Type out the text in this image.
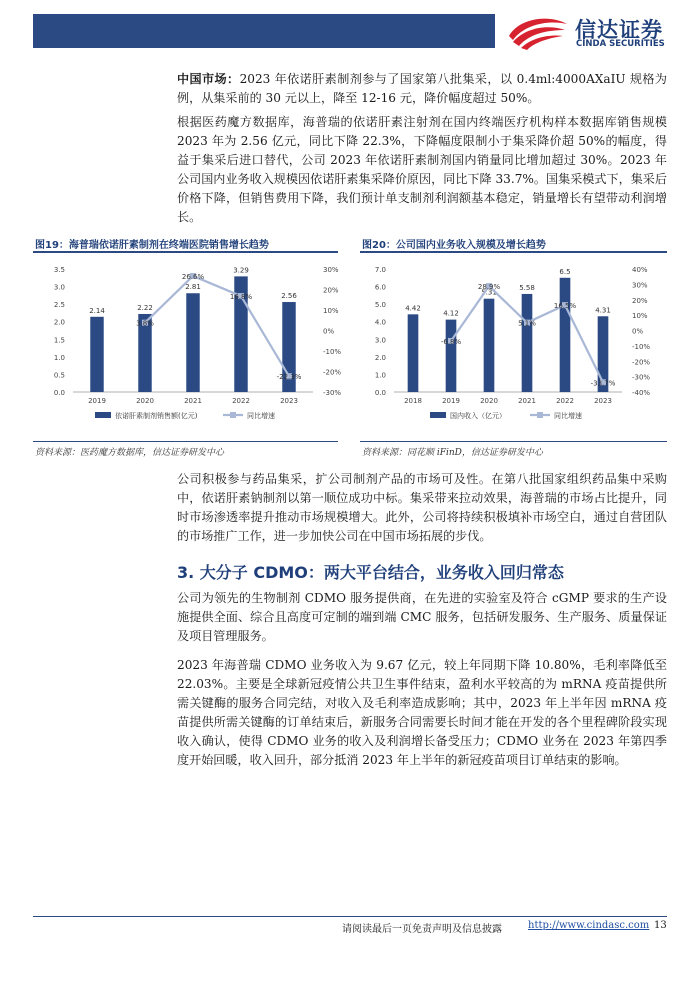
信达证券
CINDA SECURITIES

中国市场：2023 年依诺肝素制剂参与了国家第八批集采，以 0.4ml:4000AXaIU 规格为例，从集采前的 30 元以上，降至 12-16 元，降价幅度超过 50%。

根据医药魔方数据库，海普瑞的依诺肝素注射剂在国内终端医疗机构样本数据库销售规模 2023 年为 2.56 亿元，同比下降 22.3%，下降幅度限制小于集采降价超 50%的幅度，得益于集采后进口替代，公司 2023 年依诺肝素制剂国内销量同比增加超过 30%。2023 年公司国内业务收入规模因依诺肝素集采降价原因，同比下降 33.7%。国集采模式下，集采后价格下降，但销售费用下降，我们预计单支制剂利润额基本稳定，销量增长有望带动利润增长。

图19：海普瑞依诺肝素制剂在终端医院销售增长趋势
0.0
0.5
1.0
1.5
2.0
2.5
3.0
3.5
-30%
-20%
-10%
0%
10%
20%
30%
2.14	2.22
2.81
3.29
2.56
3.8%
26.6%
16.8%
-22.3%
2019	2020	2021	2022	2023
依诺肝素制剂销售额(亿元)	同比增速
资料来源：医药魔方数据库，信达证券研发中心
图20：公司国内业务收入规模及增长趋势
0.0
1.0
2.0
3.0
4.0
5.0
6.0
7.0
-40%
-30%
-20%
-10%
0%
10%
20%
30%
40%
4.42
4.12
5.31
5.58
6.5
4.31
-6.8%
28.9%
5.1%
16.5%
-33.7%
2018	2019	2020	2021	2022	2023
国内收入（亿元）	同比增速
资料来源：同花顺 iFinD，信达证券研发中心

公司积极参与药品集采，扩公司制剂产品的市场可及性。在第八批国家组织药品集中采购中，依诺肝素钠制剂以第一顺位成功中标。集采带来拉动效果，海普瑞的市场占比提升，同时市场渗透率提升推动市场规模增大。此外，公司将持续积极填补市场空白，通过自营团队的市场推广工作，进一步加快公司在中国市场拓展的步伐。

3. 大分子 CDMO：两大平台结合，业务收入回归常态

公司为领先的生物制剂 CDMO 服务提供商，在先进的实验室及符合 cGMP 要求的生产设施提供全面、综合且高度可定制的端到端 CMC 服务，包括研发服务、生产服务、质量保证及项目管理服务。

2023 年海普瑞 CDMO 业务收入为 9.67 亿元，较上年同期下降 10.80%，毛利率降低至 22.03%。主要是全球新冠疫情公共卫生事件结束，盈利水平较高的为 mRNA 疫苗提供所需关键酶的服务合同完结，对收入及毛利率造成影响；其中，2023 年上半年因 mRNA 疫苗提供所需关键酶的订单结束后，新服务合同需要长时间才能在开发的各个里程碑阶段实现收入确认，使得 CDMO 业务的收入及利润增长备受压力；CDMO 业务在 2023 年第四季度开始回暖，收入回升，部分抵消 2023 年上半年的新冠疫苗项目订单结束的影响。

请阅读最后一页免责声明及信息披露	http://www.cindasc.com 13
